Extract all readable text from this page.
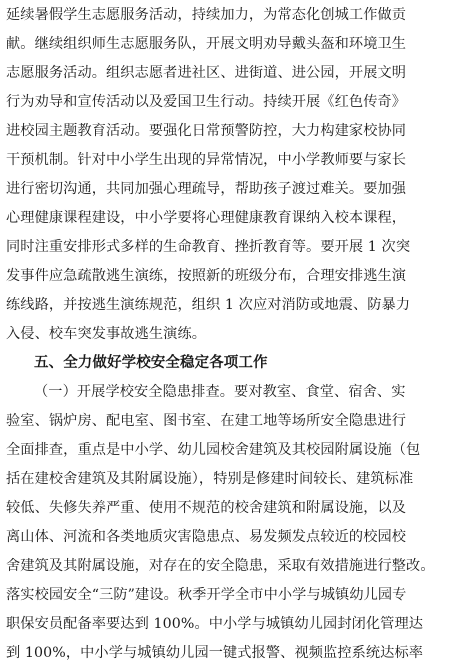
延续暑假学生志愿服务活动，持续加力，为常态化创城工作做贡
献。继续组织师生志愿服务队，开展文明劝导戴头盔和环境卫生
志愿服务活动。组织志愿者进社区、进街道、进公园，开展文明
行为劝导和宣传活动以及爱国卫生行动。持续开展《红色传奇》
进校园主题教育活动。要强化日常预警防控，大力构建家校协同
干预机制。针对中小学生出现的异常情况，中小学教师要与家长
进行密切沟通，共同加强心理疏导，帮助孩子渡过难关。要加强
心理健康课程建设，中小学要将心理健康教育课纳入校本课程，
同时注重安排形式多样的生命教育、挫折教育等。要开展 1 次突
发事件应急疏散逃生演练，按照新的班级分布，合理安排逃生演
练线路，并按逃生演练规范，组织 1 次应对消防或地震、防暴力
入侵、校车突发事故逃生演练。
五、全力做好学校安全稳定各项工作
（一）开展学校安全隐患排查。要对教室、食堂、宿舍、实
验室、锅炉房、配电室、图书室、在建工地等场所安全隐患进行
全面排查，重点是中小学、幼儿园校舍建筑及其校园附属设施（包
括在建校舍建筑及其附属设施），特别是修建时间较长、建筑标准
较低、失修失养严重、使用不规范的校舍建筑和附属设施，以及
离山体、河流和各类地质灾害隐患点、易发频发点较近的校园校
舍建筑及其附属设施，对存在的安全隐患，采取有效措施进行整改。
落实校园安全“三防”建设。秋季开学全市中小学与城镇幼儿园专
职保安员配备率要达到 100%。中小学与城镇幼儿园封闭化管理达
到 100%，中小学与城镇幼儿园一键式报警、视频监控系统达标率
